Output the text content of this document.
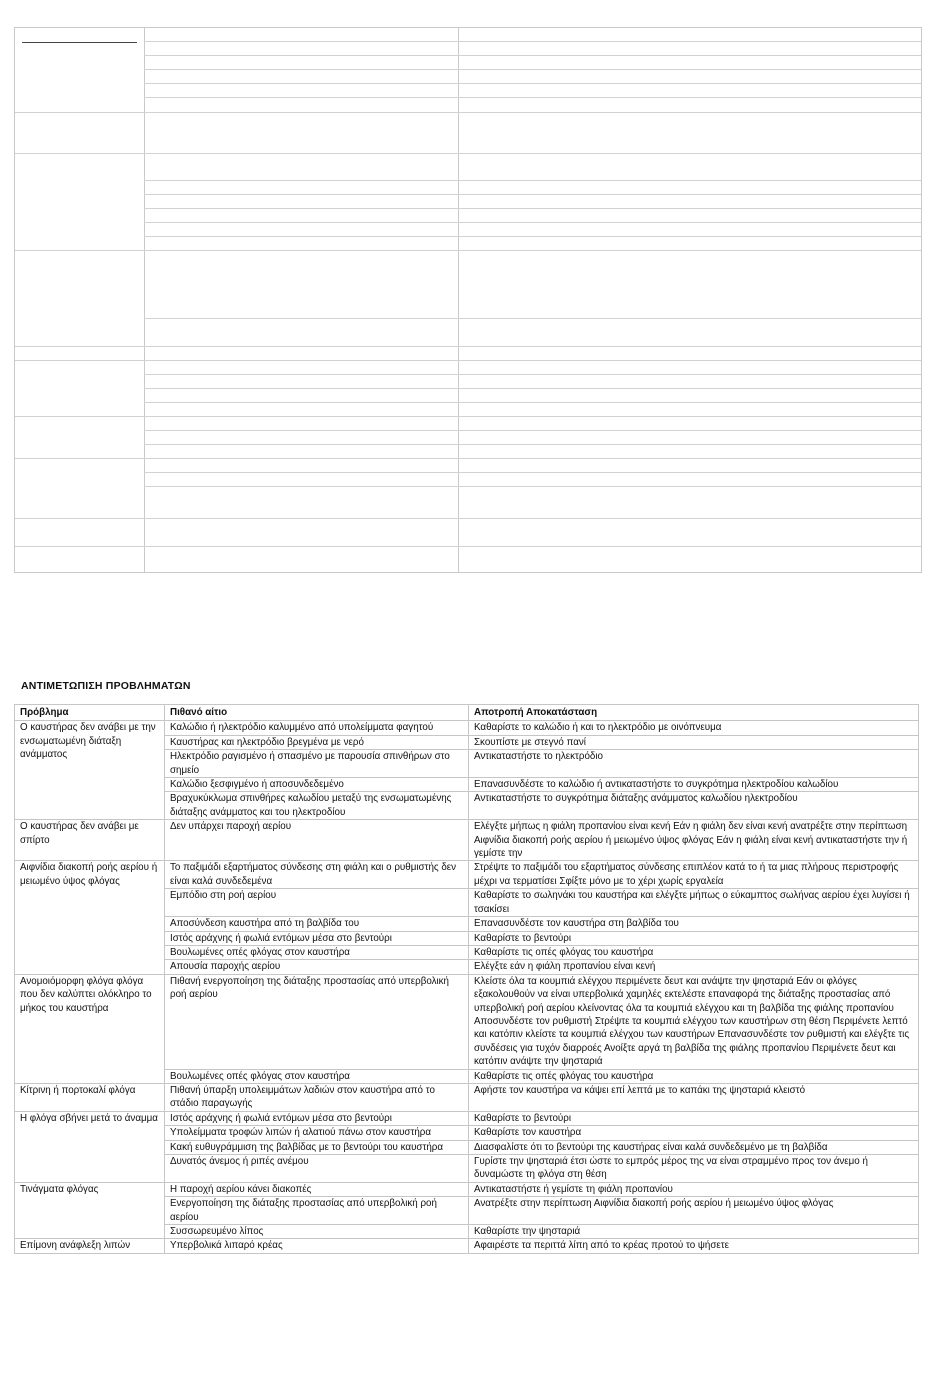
ΑΝΤΙΜΕΤΩΠΙΣΗ ΠΡΟΒΛΗΜΑΤΩΝ
Πρόβλημα	Πιθανό αίτιο	Αποτροπή Αποκατάσταση
Ο καυστήρας δεν ανάβει με την ενσωματωμένη διάταξη ανάμματος	Καλώδιο ή ηλεκτρόδιο καλυμμένο από υπολείμματα φαγητού	Καθαρίστε το καλώδιο ή και το ηλεκτρόδιο με οινόπνευμα
	Καυστήρας και ηλεκτρόδιο βρεγμένα με νερό	Σκουπίστε με στεγνό πανί
	Ηλεκτρόδιο ραγισμένο ή σπασμένο με παρουσία σπινθήρων στο σημείο	Αντικαταστήστε το ηλεκτρόδιο
	Καλώδιο ξεσφιγμένο ή αποσυνδεδεμένο	Επανασυνδέστε το καλώδιο ή αντικαταστήστε το συγκρότημα ηλεκτροδίου καλωδίου
	Βραχυκύκλωμα σπινθήρες καλωδίου μεταξύ της ενσωματωμένης διάταξης ανάμματος και του ηλεκτροδίου	Αντικαταστήστε το συγκρότημα διάταξης ανάμματος καλωδίου ηλεκτροδίου
Ο καυστήρας δεν ανάβει με σπίρτο	Δεν υπάρχει παροχή αερίου	Ελέγξτε μήπως η φιάλη προπανίου είναι κενή Εάν η φιάλη δεν είναι κενή ανατρέξτε στην περίπτωση Αιφνίδια διακοπή ροής αερίου ή μειωμένο ύψος φλόγας Εάν η φιάλη είναι κενή αντικαταστήστε την ή γεμίστε την
Αιφνίδια διακοπή ροής αερίου ή μειωμένο ύψος φλόγας	Το παξιμάδι εξαρτήματος σύνδεσης στη φιάλη και ο ρυθμιστής δεν είναι καλά συνδεδεμένα	Στρέψτε το παξιμάδι του εξαρτήματος σύνδεσης επιπλέον κατά το ή τα μιας πλήρους περιστροφής μέχρι να τερματίσει Σφίξτε μόνο με το χέρι χωρίς εργαλεία
	Εμπόδιο στη ροή αερίου	Καθαρίστε το σωληνάκι του καυστήρα και ελέγξτε μήπως ο εύκαμπτος σωλήνας αερίου έχει λυγίσει ή τσακίσει
	Αποσύνδεση καυστήρα από τη βαλβίδα του	Επανασυνδέστε τον καυστήρα στη βαλβίδα του
	Ιστός αράχνης ή φωλιά εντόμων μέσα στο βεντούρι	Καθαρίστε το βεντούρι
	Βουλωμένες οπές φλόγας στον καυστήρα	Καθαρίστε τις οπές φλόγας του καυστήρα
	Απουσία παροχής αερίου	Ελέγξτε εάν η φιάλη προπανίου είναι κενή
Ανομοιόμορφη φλόγα φλόγα που δεν καλύπτει ολόκληρο το μήκος του καυστήρα	Πιθανή ενεργοποίηση της διάταξης προστασίας από υπερβολική ροή αερίου	Κλείστε όλα τα κουμπιά ελέγχου περιμένετε δευτ και ανάψτε την ψησταριά Εάν οι φλόγες εξακολουθούν να είναι υπερβολικά χαμηλές εκτελέστε επαναφορά της διάταξης προστασίας από υπερβολική ροή αερίου κλείνοντας όλα τα κουμπιά ελέγχου και τη βαλβίδα της φιάλης προπανίου Αποσυνδέστε τον ρυθμιστή Στρέψτε τα κουμπιά ελέγχου των καυστήρων στη θέση Περιμένετε λεπτό και κατόπιν κλείστε τα κουμπιά ελέγχου των καυστήρων Επανασυνδέστε τον ρυθμιστή και ελέγξτε τις συνδέσεις για τυχόν διαρροές Ανοίξτε αργά τη βαλβίδα της φιάλης προπανίου Περιμένετε δευτ και κατόπιν ανάψτε την ψησταριά
	Βουλωμένες οπές φλόγας στον καυστήρα	Καθαρίστε τις οπές φλόγας του καυστήρα
Κίτρινη ή πορτοκαλί φλόγα	Πιθανή ύπαρξη υπολειμμάτων λαδιών στον καυστήρα από το στάδιο παραγωγής	Αφήστε τον καυστήρα να κάψει επί λεπτά με το καπάκι της ψησταριά κλειστό
Η φλόγα σβήνει μετά το άναμμα	Ιστός αράχνης ή φωλιά εντόμων μέσα στο βεντούρι	Καθαρίστε το βεντούρι
	Υπολείμματα τροφών λιπών ή αλατιού πάνω στον καυστήρα	Καθαρίστε τον καυστήρα
	Κακή ευθυγράμμιση της βαλβίδας με το βεντούρι του καυστήρα	Διασφαλίστε ότι το βεντούρι της καυστήρας είναι καλά συνδεδεμένο με τη βαλβίδα
	Δυνατός άνεμος ή ριπές ανέμου	Γυρίστε την ψησταριά έτσι ώστε το εμπρός μέρος της να είναι στραμμένο προς τον άνεμο ή δυναμώστε τη φλόγα στη θέση
Τινάγματα φλόγας	Η παροχή αερίου κάνει διακοπές	Αντικαταστήστε ή γεμίστε τη φιάλη προπανίου
	Ενεργοποίηση της διάταξης προστασίας από υπερβολική ροή αερίου	Ανατρέξτε στην περίπτωση Αιφνίδια διακοπή ροής αερίου ή μειωμένο ύψος φλόγας
	Συσσωρευμένο λίπος	Καθαρίστε την ψησταριά
Επίμονη ανάφλεξη λιπών	Υπερβολικά λιπαρό κρέας	Αφαιρέστε τα περιττά λίπη από το κρέας προτού το ψήσετε
